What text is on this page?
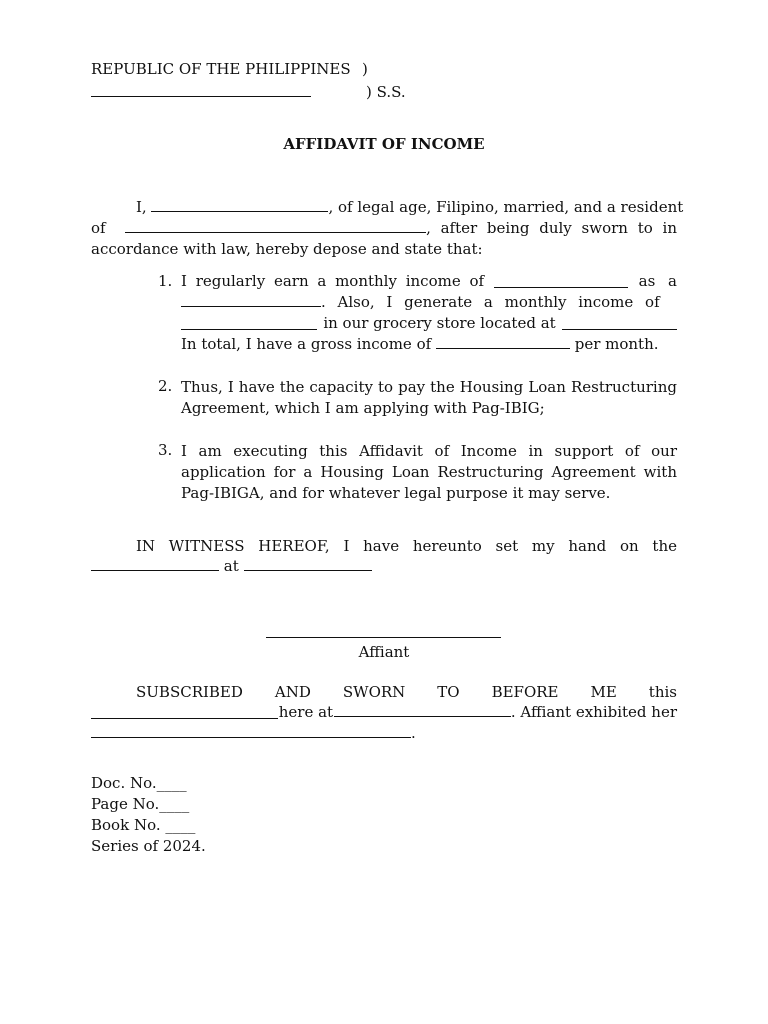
REPUBLIC OF THE PHILIPPINES )
) S.S.
AFFIDAVIT OF INCOME
I,	, of legal age, Filipino, married, and a resident
of	, after being duly sworn to in
accordance with law, hereby depose and state that:
1. I regularly earn a monthly income of	as a
. Also, I generate a monthly income of
in our grocery store located at
In total, I have a gross income of	per month.
2. Thus, I have the capacity to pay the Housing Loan Restructuring
Agreement, which I am applying with Pag-IBIG;
3. I am executing this Affidavit of Income in support of our
application for a Housing Loan Restructuring Agreement with
Pag-IBIGA, and for whatever legal purpose it may serve.
IN WITNESS HEREOF, I have hereunto set my hand on the
at
Affiant
SUBSCRIBED AND SWORN TO BEFORE ME this
here at	. Affiant exhibited her
.
Doc. No.____
Page No.____
Book No. ____
Series of 2024.
